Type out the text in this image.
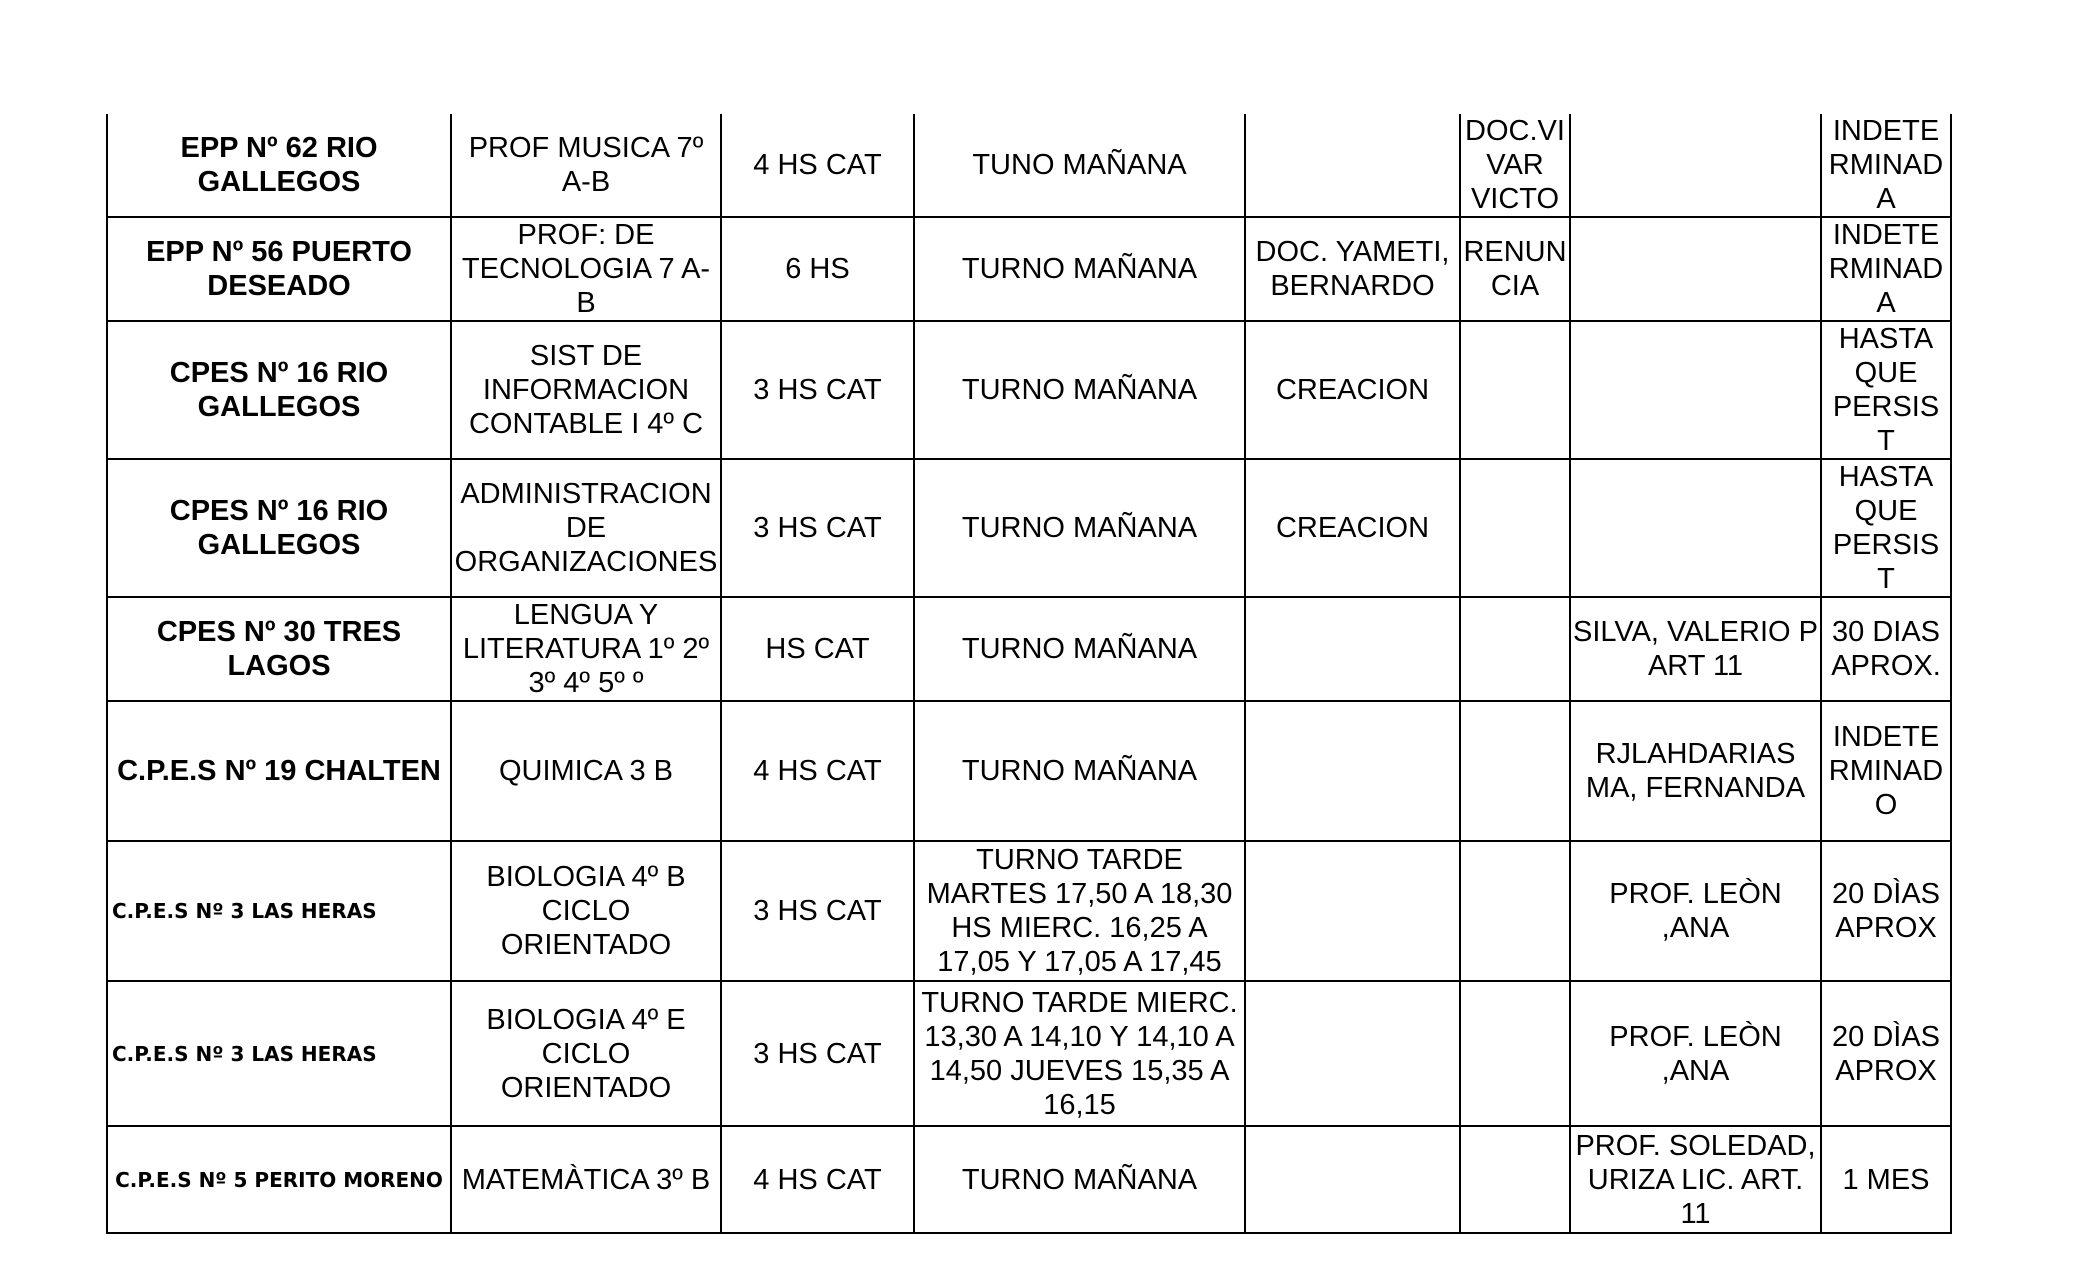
EPP Nº 62 RIO GALLEGOS	PROF MUSICA 7º A-B	4 HS CAT	TUNO MAÑANA		DOC.VI VAR VICTO		INDETE RMINAD A
EPP Nº 56 PUERTO DESEADO	PROF: DE TECNOLOGIA 7 A-B	6 HS	TURNO MAÑANA	DOC. YAMETI, BERNARDO	RENUN CIA		INDETE RMINAD A
CPES Nº 16 RIO GALLEGOS	SIST DE INFORMACION CONTABLE I 4º C	3 HS CAT	TURNO MAÑANA	CREACION			HASTA QUE PERSIST
CPES Nº 16 RIO GALLEGOS	ADMINISTRACION DE ORGANIZACIONES	3 HS CAT	TURNO MAÑANA	CREACION			HASTA QUE PERSIST
CPES Nº 30 TRES LAGOS	LENGUA Y LITERATURA 1º 2º 3º 4º 5º º	HS CAT	TURNO MAÑANA			SILVA, VALERIO P ART 11	30 DIAS APROX.
C.P.E.S Nº 19 CHALTEN	QUIMICA 3 B	4 HS CAT	TURNO MAÑANA			RJLAHDARIAS MA, FERNANDA	INDETE RMINAD O
C.P.E.S Nº 3 LAS HERAS	BIOLOGIA 4º B CICLO ORIENTADO	3 HS CAT	TURNO TARDE MARTES 17,50 A 18,30 HS MIERC. 16,25 A 17,05 Y 17,05 A 17,45			PROF. LEÒN ,ANA	20 DÌAS APROX
C.P.E.S Nº 3 LAS HERAS	BIOLOGIA 4º E CICLO ORIENTADO	3 HS CAT	TURNO TARDE MIERC. 13,30 A 14,10 Y 14,10 A 14,50 JUEVES 15,35 A 16,15			PROF. LEÒN ,ANA	20 DÌAS APROX
C.P.E.S Nº 5 PERITO MORENO	MATEMÀTICA 3º B	4 HS CAT	TURNO MAÑANA			PROF. SOLEDAD, URIZA LIC. ART. 11	1 MES
